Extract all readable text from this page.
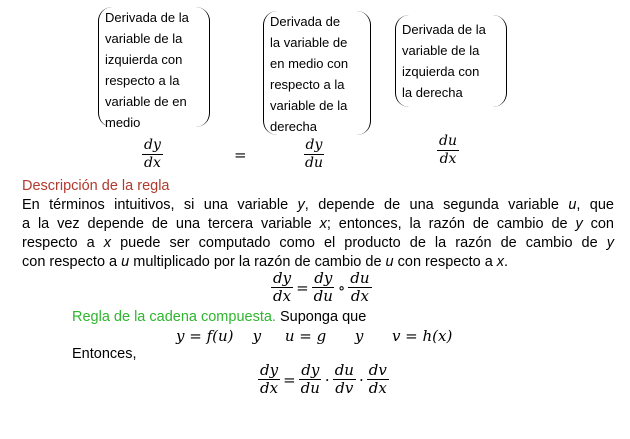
Derivada de la
variable de la
izquierda con
respecto a la
variable de en
medio
Derivada de
la variable de
en medio con
respecto a la
variable de la
derecha
Derivada de la
variable de la
izquierda con
la derecha
$\frac{dy}{dx}$	=	$\frac{dy}{du}$	$\frac{du}{dx}$
Descripción de la regla
En términos intuitivos, si una variable y, depende de una segunda variable u, que
a la vez depende de una tercera variable x; entonces, la razón de cambio de y con
respecto a x puede ser computado como el producto de la razón de cambio de y
con respecto a u multiplicado por la razón de cambio de u con respecto a x.
$\frac{dy}{dx} = \frac{dy}{du}$ ∘ $\frac{du}{dx}$
Regla de la cadena compuesta. Suponga que
y = f(u)    y     u = g      y      v = h(x)
Entonces,
$\frac{dy}{dx} = \frac{dy}{du} \cdot \frac{du}{dv} \cdot \frac{dv}{dx}$
